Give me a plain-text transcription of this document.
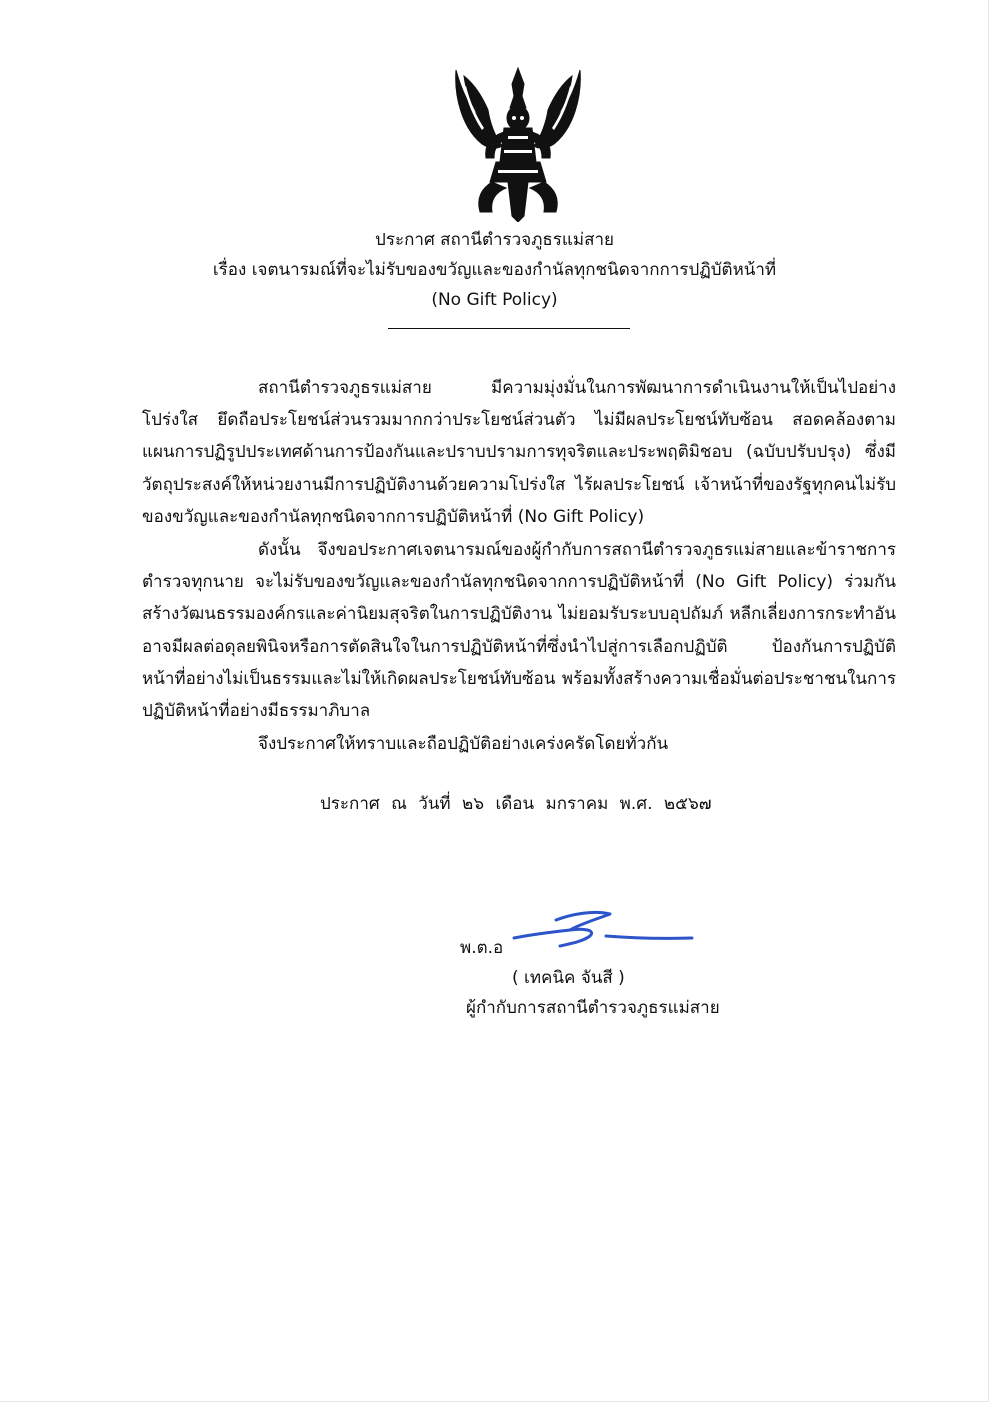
ประกาศ สถานีตำรวจภูธรแม่สาย
เรื่อง เจตนารมณ์ที่จะไม่รับของขวัญและของกำนัลทุกชนิดจากการปฏิบัติหน้าที่
(No Gift Policy)
สถานีตำรวจภูธรแม่สาย มีความมุ่งมั่นในการพัฒนาการดำเนินงานให้เป็นไปอย่างโปร่งใส ยึดถือประโยชน์ส่วนรวมมากกว่าประโยชน์ส่วนตัว ไม่มีผลประโยชน์ทับซ้อน สอดคล้องตามแผนการปฏิรูปประเทศด้านการป้องกันและปราบปรามการทุจริตและประพฤติมิชอบ (ฉบับปรับปรุง) ซึ่งมีวัตถุประสงค์ให้หน่วยงานมีการปฏิบัติงานด้วยความโปร่งใส ไร้ผลประโยชน์ เจ้าหน้าที่ของรัฐทุกคนไม่รับของขวัญและของกำนัลทุกชนิดจากการปฏิบัติหน้าที่ (No Gift Policy)
ดังนั้น จึงขอประกาศเจตนารมณ์ของผู้กำกับการสถานีตำรวจภูธรแม่สายและข้าราชการตำรวจทุกนาย จะไม่รับของขวัญและของกำนัลทุกชนิดจากการปฏิบัติหน้าที่ (No Gift Policy) ร่วมกันสร้างวัฒนธรรมองค์กรและค่านิยมสุจริตในการปฏิบัติงาน ไม่ยอมรับระบบอุปถัมภ์ หลีกเลี่ยงการกระทำอันอาจมีผลต่อดุลยพินิจหรือการตัดสินใจในการปฏิบัติหน้าที่ซึ่งนำไปสู่การเลือกปฏิบัติ ป้องกันการปฏิบัติหน้าที่อย่างไม่เป็นธรรมและไม่ให้เกิดผลประโยชน์ทับซ้อน พร้อมทั้งสร้างความเชื่อมั่นต่อประชาชนในการปฏิบัติหน้าที่อย่างมีธรรมาภิบาล
จึงประกาศให้ทราบและถือปฏิบัติอย่างเคร่งครัดโดยทั่วกัน
ประกาศ ณ วันที่ ๒๖ เดือน มกราคม พ.ศ. ๒๕๖๗
พ.ต.อ
( เทคนิค จันสี )
ผู้กำกับการสถานีตำรวจภูธรแม่สาย
